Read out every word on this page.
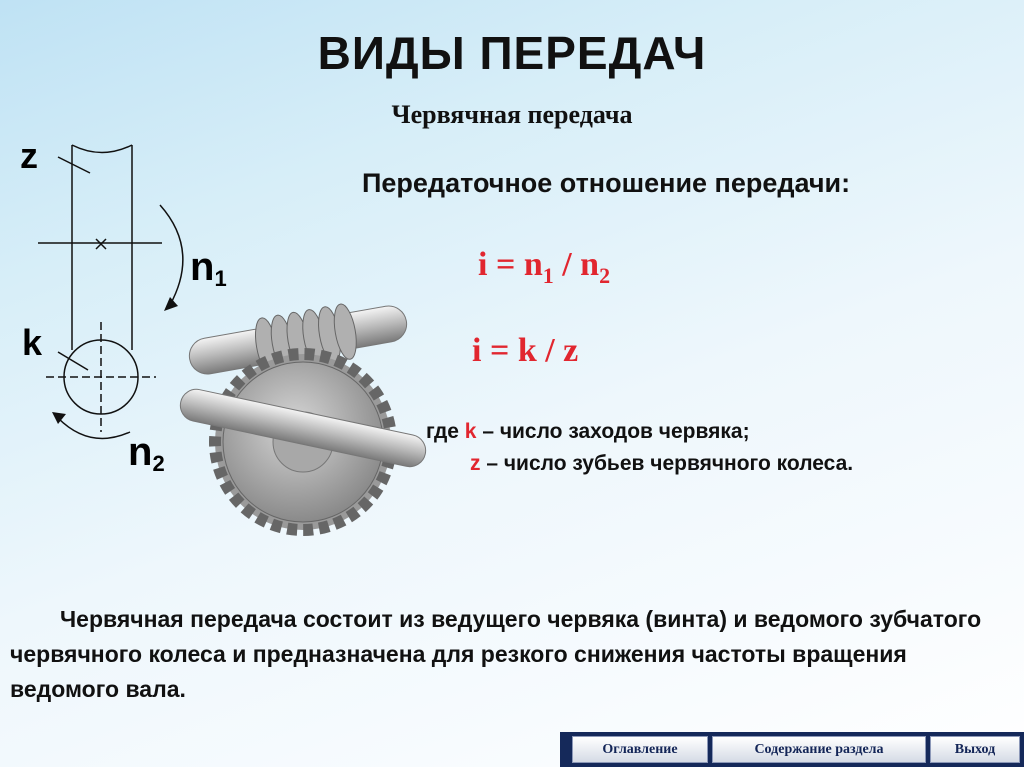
ВИДЫ ПЕРЕДАЧ
Червячная передача
z
n1
k
n2
Передаточное отношение передачи:
$i = n_1 / n_2$
i = k / z
где k – число заходов червяка;
z – число зубьев червячного колеса.
Червячная передача состоит из ведущего червяка (винта) и ведомого зубчатого червячного колеса и предназначена для резкого снижения частоты вращения ведомого вала.
Оглавление	Содержание раздела	Выход
